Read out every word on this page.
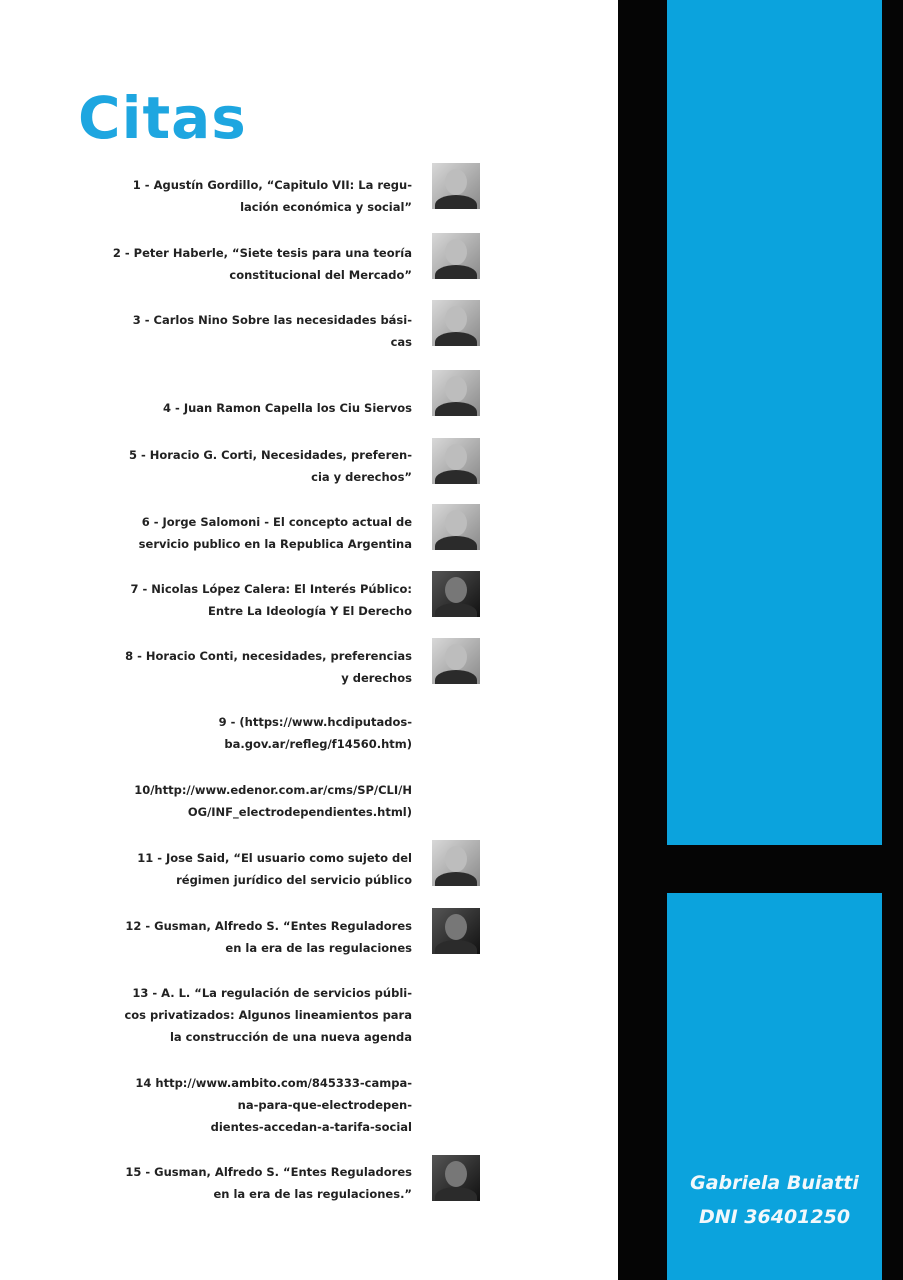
Citas
1 - Agustín Gordillo, “Capitulo VII: La regu-
lación económica y social”
2 - Peter Haberle, “Siete tesis para una teoría
constitucional del Mercado”
3 - Carlos Nino Sobre las necesidades bási-
cas
4 - Juan Ramon Capella los Ciu Siervos
5 - Horacio G. Corti, Necesidades, preferen-
cia y derechos”
6 - Jorge Salomoni - El concepto actual de
servicio publico en la Republica Argentina
7 - Nicolas López Calera: El Interés Público:
Entre La Ideología Y El Derecho
8 - Horacio Conti, necesidades, preferencias
y derechos
9 - (https://www.hcdiputados-
ba.gov.ar/refleg/f14560.htm)
10/http://www.edenor.com.ar/cms/SP/CLI/H
OG/INF_electrodependientes.html)
11 - Jose Said, “El usuario como sujeto del
régimen jurídico del servicio público
12 - Gusman, Alfredo S. “Entes Reguladores
en la era de las regulaciones
13 - A. L. “La regulación de servicios públi-
cos privatizados: Algunos lineamientos para
la construcción de una nueva agenda
14 http://www.ambito.com/845333-campa-
na-para-que-electrodepen-
dientes-accedan-a-tarifa-social
15 - Gusman, Alfredo S. “Entes Reguladores
en la era de las regulaciones.”	Gabriela Buiatti
DNI 36401250
